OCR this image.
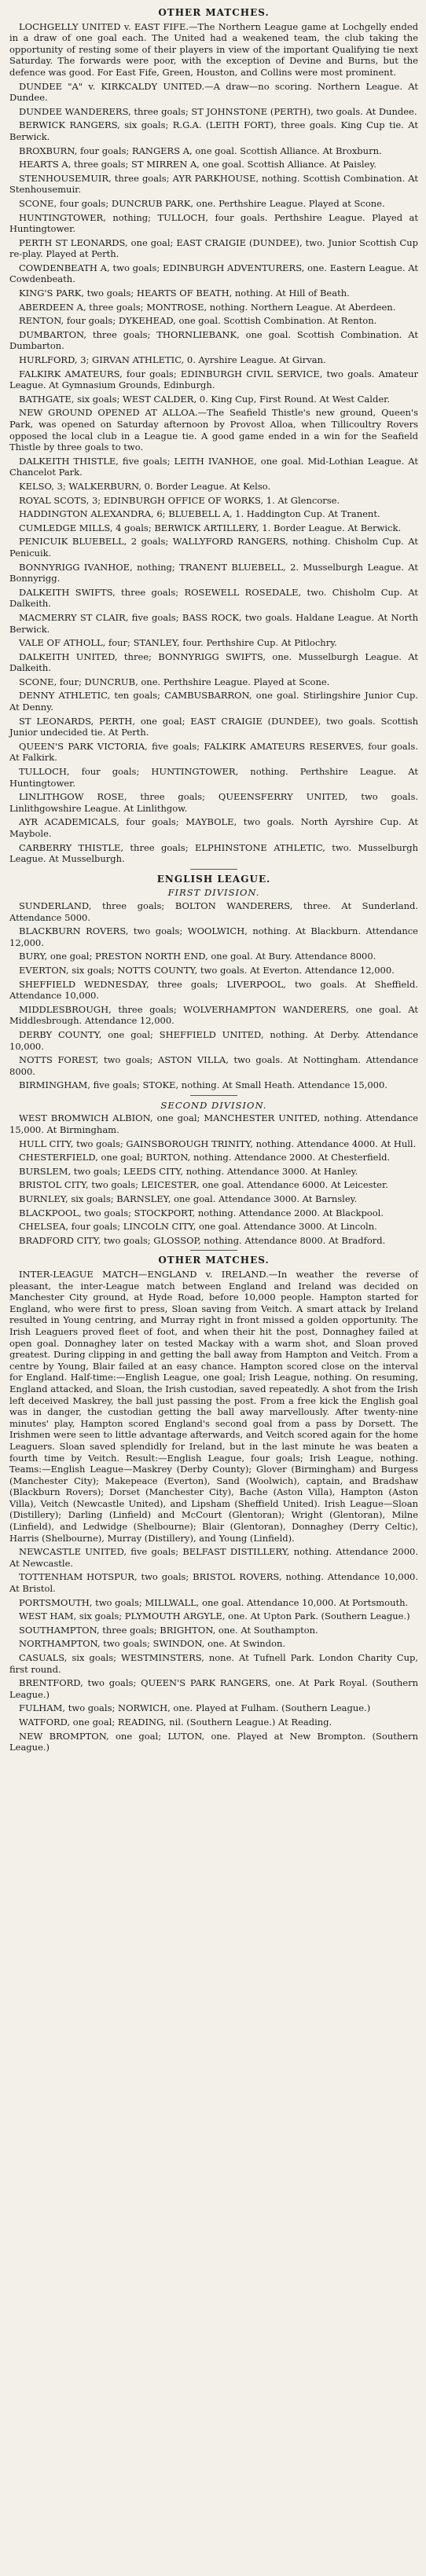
OTHER MATCHES.

LOCHGELLY UNITED v. EAST FIFE.—The Northern League game at Lochgelly ended in a draw of one goal each. The United had a weakened team, the club taking the opportunity of resting some of their players in view of the important Qualifying tie next Saturday. The forwards were poor, with the exception of Devine and Burns, but the defence was good. For East Fife, Green, Houston, and Collins were most prominent.

DUNDEE "A" v. KIRKCALDY UNITED.—A draw—no scoring. Northern League. At Dundee.

DUNDEE WANDERERS, three goals; ST JOHNSTONE (PERTH), two goals. At Dundee.

BERWICK RANGERS, six goals; R.G.A. (LEITH FORT), three goals. King Cup tie. At Berwick.

BROXBURN, four goals; RANGERS A, one goal. Scottish Alliance. At Broxburn.

HEARTS A, three goals; ST MIRREN A, one goal. Scottish Alliance. At Paisley.

STENHOUSEMUIR, three goals; AYR PARKHOUSE, nothing. Scottish Combination. At Stenhousemuir.

SCONE, four goals; DUNCRUB PARK, one. Perthshire League. Played at Scone.

HUNTINGTOWER, nothing; TULLOCH, four goals. Perthshire League. Played at Huntingtower.

PERTH ST LEONARDS, one goal; EAST CRAIGIE (DUNDEE), two. Junior Scottish Cup re-play. Played at Perth.

COWDENBEATH A, two goals; EDINBURGH ADVENTURERS, one. Eastern League. At Cowdenbeath.

KING'S PARK, two goals; HEARTS OF BEATH, nothing. At Hill of Beath.

ABERDEEN A, three goals; MONTROSE, nothing. Northern League. At Aberdeen.

RENTON, four goals; DYKEHEAD, one goal. Scottish Combination. At Renton.

DUMBARTON, three goals; THORNLIEBANK, one goal. Scottish Combination. At Dumbarton.

HURLFORD, 3; GIRVAN ATHLETIC, 0. Ayrshire League. At Girvan.

FALKIRK AMATEURS, four goals; EDINBURGH CIVIL SERVICE, two goals. Amateur League. At Gymnasium Grounds, Edinburgh.

BATHGATE, six goals; WEST CALDER, 0. King Cup, First Round. At West Calder.

NEW GROUND OPENED AT ALLOA.—The Seafield Thistle's new ground, Queen's Park, was opened on Saturday afternoon by Provost Alloa, when Tillicoultry Rovers opposed the local club in a League tie. A good game ended in a win for the Seafield Thistle by three goals to two.

DALKEITH THISTLE, five goals; LEITH IVANHOE, one goal. Mid-Lothian League. At Chancelot Park.

KELSO, 3; WALKERBURN, 0. Border League. At Kelso.

ROYAL SCOTS, 3; EDINBURGH OFFICE OF WORKS, 1. At Glencorse.

HADDINGTON ALEXANDRA, 6; BLUEBELL A, 1. Haddington Cup. At Tranent.

CUMLEDGE MILLS, 4 goals; BERWICK ARTILLERY, 1. Border League. At Berwick.

PENICUIK BLUEBELL, 2 goals; WALLYFORD RANGERS, nothing. Chisholm Cup. At Penicuik.

BONNYRIGG IVANHOE, nothing; TRANENT BLUEBELL, 2. Musselburgh League. At Bonnyrigg.

DALKEITH SWIFTS, three goals; ROSEWELL ROSEDALE, two. Chisholm Cup. At Dalkeith.

MACMERRY ST CLAIR, five goals; BASS ROCK, two goals. Haldane League. At North Berwick.

VALE OF ATHOLL, four; STANLEY, four. Perthshire Cup. At Pitlochry.

DALKEITH UNITED, three; BONNYRIGG SWIFTS, one. Musselburgh League. At Dalkeith.

SCONE, four; DUNCRUB, one. Perthshire League. Played at Scone.

DENNY ATHLETIC, ten goals; CAMBUSBARRON, one goal. Stirlingshire Junior Cup. At Denny.

ST LEONARDS, PERTH, one goal; EAST CRAIGIE (DUNDEE), two goals. Scottish Junior undecided tie. At Perth.

QUEEN'S PARK VICTORIA, five goals; FALKIRK AMATEURS RESERVES, four goals. At Falkirk.

TULLOCH, four goals; HUNTINGTOWER, nothing. Perthshire League. At Huntingtower.

LINLITHGOW ROSE, three goals; QUEENSFERRY UNITED, two goals. Linlithgowshire League. At Linlithgow.

AYR ACADEMICALS, four goals; MAYBOLE, two goals. North Ayrshire Cup. At Maybole.

CARBERRY THISTLE, three goals; ELPHINSTONE ATHLETIC, two. Musselburgh League. At Musselburgh.

ENGLISH LEAGUE.
FIRST DIVISION.

SUNDERLAND, three goals; BOLTON WANDERERS, three. At Sunderland. Attendance 5000.

BLACKBURN ROVERS, two goals; WOOLWICH, nothing. At Blackburn. Attendance 12,000.

BURY, one goal; PRESTON NORTH END, one goal. At Bury. Attendance 8000.

EVERTON, six goals; NOTTS COUNTY, two goals. At Everton. Attendance 12,000.

SHEFFIELD WEDNESDAY, three goals; LIVERPOOL, two goals. At Sheffield. Attendance 10,000.

MIDDLESBROUGH, three goals; WOLVERHAMPTON WANDERERS, one goal. At Middlesbrough. Attendance 12,000.

DERBY COUNTY, one goal; SHEFFIELD UNITED, nothing. At Derby. Attendance 10,000.

NOTTS FOREST, two goals; ASTON VILLA, two goals. At Nottingham. Attendance 8000.

BIRMINGHAM, five goals; STOKE, nothing. At Small Heath. Attendance 15,000.

SECOND DIVISION.

WEST BROMWICH ALBION, one goal; MANCHESTER UNITED, nothing. Attendance 15,000. At Birmingham.

HULL CITY, two goals; GAINSBOROUGH TRINITY, nothing. Attendance 4000. At Hull.

CHESTERFIELD, one goal; BURTON, nothing. Attendance 2000. At Chesterfield.

BURSLEM, two goals; LEEDS CITY, nothing. Attendance 3000. At Hanley.

BRISTOL CITY, two goals; LEICESTER, one goal. Attendance 6000. At Leicester.

BURNLEY, six goals; BARNSLEY, one goal. Attendance 3000. At Barnsley.

BLACKPOOL, two goals; STOCKPORT, nothing. Attendance 2000. At Blackpool.

CHELSEA, four goals; LINCOLN CITY, one goal. Attendance 3000. At Lincoln.

BRADFORD CITY, two goals; GLOSSOP, nothing. Attendance 8000. At Bradford.

OTHER MATCHES.

INTER-LEAGUE MATCH—ENGLAND v. IRELAND.—In weather the reverse of pleasant, the inter-League match between England and Ireland was decided on Manchester City ground, at Hyde Road, before 10,000 people. Hampton started for England, who were first to press, Sloan saving from Veitch. A smart attack by Ireland resulted in Young centring, and Murray right in front missed a golden opportunity. The Irish Leaguers proved fleet of foot, and when their hit the post, Donnaghey failed at open goal. Donnaghey later on tested Mackay with a warm shot, and Sloan proved greatest. During clipping in and getting the ball away from Hampton and Veitch. From a centre by Young, Blair failed at an easy chance. Hampton scored close on the interval for England. Half-time:—English League, one goal; Irish League, nothing. On resuming, England attacked, and Sloan, the Irish custodian, saved repeatedly. A shot from the Irish left deceived Maskrey, the ball just passing the post. From a free kick the English goal was in danger, the custodian getting the ball away marvellously. After twenty-nine minutes' play, Hampton scored England's second goal from a pass by Dorsett. The Irishmen were seen to little advantage afterwards, and Veitch scored again for the home Leaguers. Sloan saved splendidly for Ireland, but in the last minute he was beaten a fourth time by Veitch. Result:—English League, four goals; Irish League, nothing. Teams:—English League—Maskrey (Derby County); Glover (Birmingham) and Burgess (Manchester City); Makepeace (Everton), Sand (Woolwich), captain, and Bradshaw (Blackburn Rovers); Dorset (Manchester City), Bache (Aston Villa), Hampton (Aston Villa), Veitch (Newcastle United), and Lipsham (Sheffield United). Irish League—Sloan (Distillery); Darling (Linfield) and McCourt (Glentoran); Wright (Glentoran), Milne (Linfield), and Ledwidge (Shelbourne); Blair (Glentoran), Donnaghey (Derry Celtic), Harris (Shelbourne), Murray (Distillery), and Young (Linfield).

NEWCASTLE UNITED, five goals; BELFAST DISTILLERY, nothing. Attendance 2000. At Newcastle.

TOTTENHAM HOTSPUR, two goals; BRISTOL ROVERS, nothing. Attendance 10,000. At Bristol.

PORTSMOUTH, two goals; MILLWALL, one goal. Attendance 10,000. At Portsmouth.

WEST HAM, six goals; PLYMOUTH ARGYLE, one. At Upton Park. (Southern League.)

SOUTHAMPTON, three goals; BRIGHTON, one. At Southampton.

NORTHAMPTON, two goals; SWINDON, one. At Swindon.

CASUALS, six goals; WESTMINSTERS, none. At Tufnell Park. London Charity Cup, first round.

BRENTFORD, two goals; QUEEN'S PARK RANGERS, one. At Park Royal. (Southern League.)

FULHAM, two goals; NORWICH, one. Played at Fulham. (Southern League.)

WATFORD, one goal; READING, nil. (Southern League.) At Reading.

NEW BROMPTON, one goal; LUTON, one. Played at New Brompton. (Southern League.)
